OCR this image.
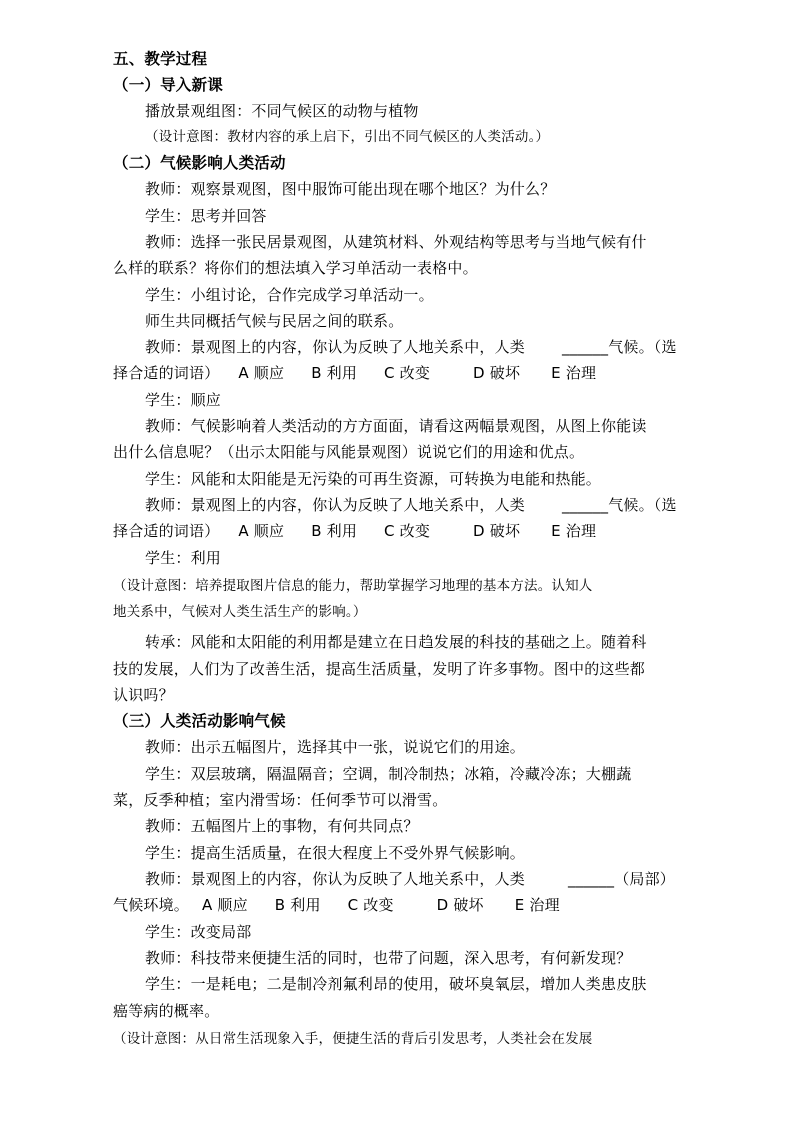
五、教学过程
（一）导入新课
播放景观组图：不同气候区的动物与植物
（设计意图：教材内容的承上启下，引出不同气候区的人类活动。）
（二）气候影响人类活动
教师：观察景观图，图中服饰可能出现在哪个地区？为什么？
学生：思考并回答
教师：选择一张民居景观图，从建筑材料、外观结构等思考与当地气候有什
么样的联系？将你们的想法填入学习单活动一表格中。
学生：小组讨论，合作完成学习单活动一。
师生共同概括气候与民居之间的联系。
教师：景观图上的内容，你认为反映了人地关系中，人类 ______气候。（选
择合适的词语） A 顺应 B 利用 C 改变	D 破坏 E 治理
学生：顺应
教师：气候影响着人类活动的方方面面，请看这两幅景观图，从图上你能读
出什么信息呢？（出示太阳能与风能景观图）说说它们的用途和优点。
学生：风能和太阳能是无污染的可再生资源，可转换为电能和热能。
教师：景观图上的内容，你认为反映了人地关系中，人类 ______气候。（选
择合适的词语） A 顺应 B 利用 C 改变	D 破坏 E 治理
学生：利用
（设计意图：培养提取图片信息的能力，帮助掌握学习地理的基本方法。认知人
地关系中，气候对人类生活生产的影响。）
转承：风能和太阳能的利用都是建立在日趋发展的科技的基础之上。随着科
技的发展，人们为了改善生活，提高生活质量，发明了许多事物。图中的这些都
认识吗？
（三）人类活动影响气候
教师：出示五幅图片，选择其中一张，说说它们的用途。
学生：双层玻璃，隔温隔音；空调，制冷制热；冰箱，冷藏冷冻；大棚蔬
菜，反季种植；室内滑雪场：任何季节可以滑雪。
教师：五幅图片上的事物，有何共同点？
学生：提高生活质量，在很大程度上不受外界气候影响。
教师：景观图上的内容，你认为反映了人地关系中，人类	______（局部）
气候环境。 A 顺应 B 利用 C 改变	D 破坏 E 治理
学生：改变局部
教师：科技带来便捷生活的同时，也带了问题，深入思考，有何新发现？
学生：一是耗电；二是制冷剂氟利昂的使用，破坏臭氧层，增加人类患皮肤
癌等病的概率。
（设计意图：从日常生活现象入手，便捷生活的背后引发思考，人类社会在发展
